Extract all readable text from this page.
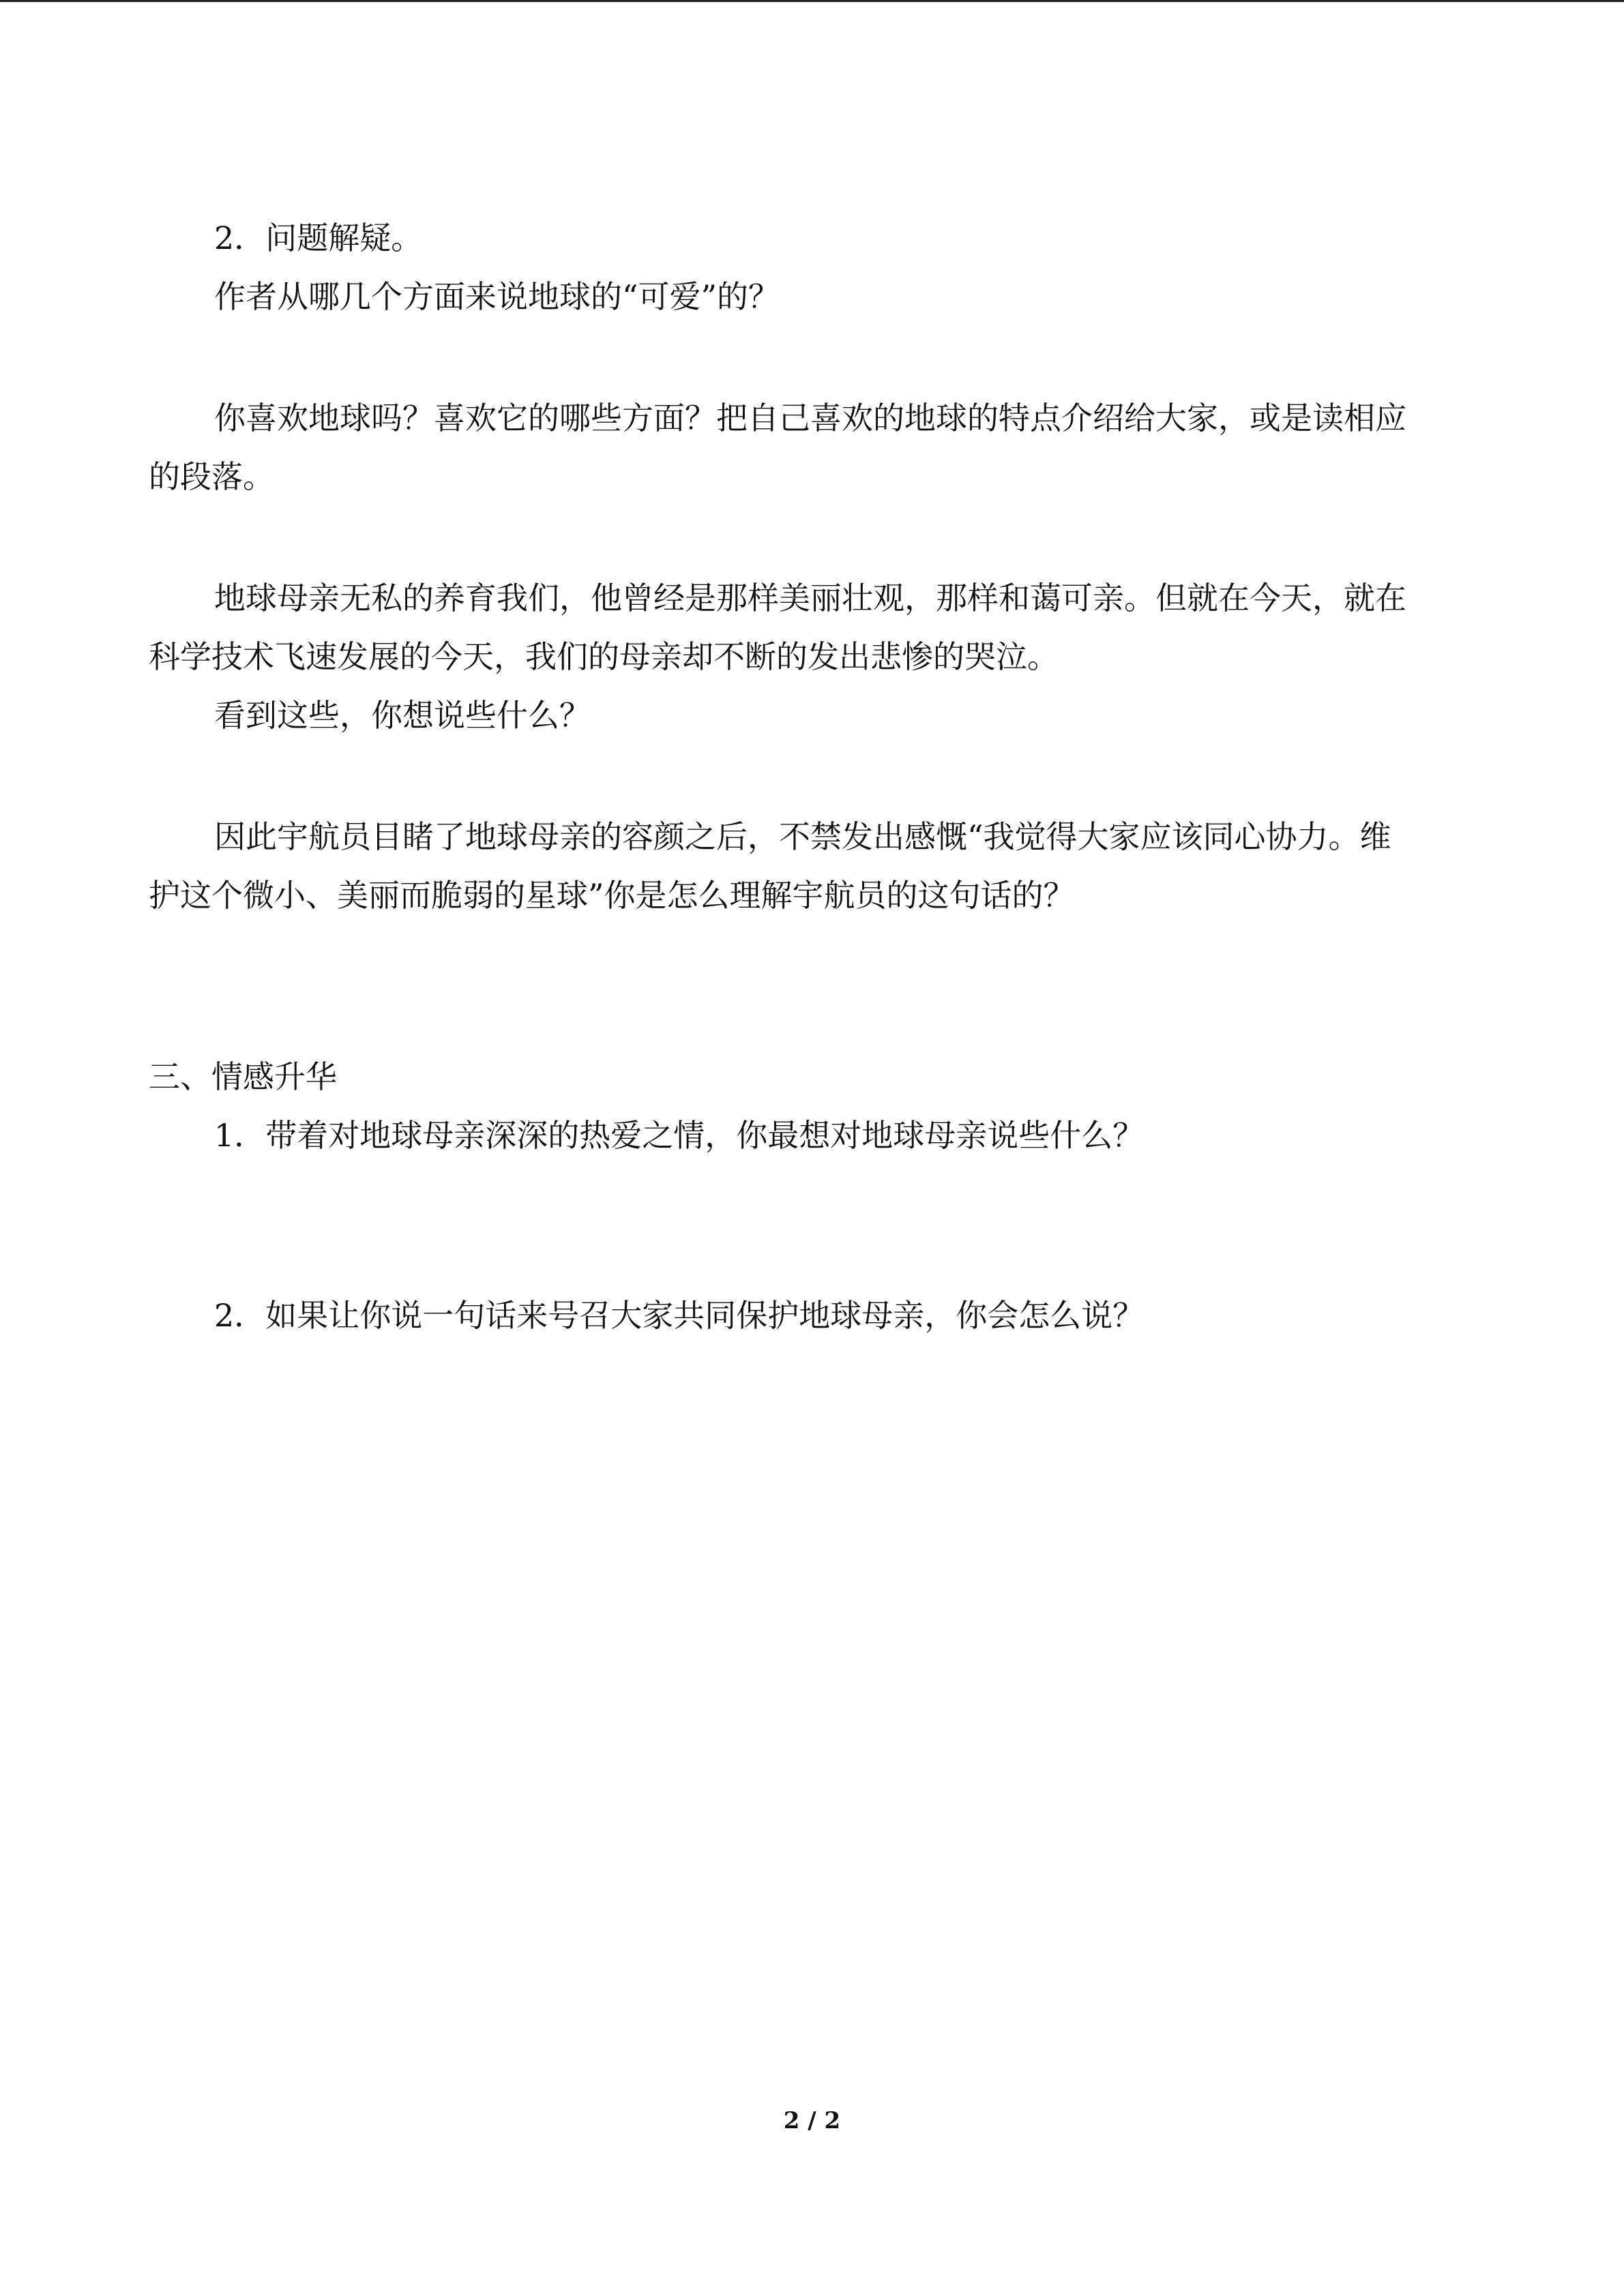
2．问题解疑。
作者从哪几个方面来说地球的“可爱”的？
你喜欢地球吗？喜欢它的哪些方面？把自己喜欢的地球的特点介绍给大家，或是读相应
的段落。
地球母亲无私的养育我们，他曾经是那样美丽壮观，那样和蔼可亲。但就在今天，就在
科学技术飞速发展的今天，我们的母亲却不断的发出悲惨的哭泣。
看到这些，你想说些什么？
因此宇航员目睹了地球母亲的容颜之后，不禁发出感慨“我觉得大家应该同心协力。维
护这个微小、美丽而脆弱的星球”你是怎么理解宇航员的这句话的？
三、情感升华
1．带着对地球母亲深深的热爱之情，你最想对地球母亲说些什么？
2．如果让你说一句话来号召大家共同保护地球母亲，你会怎么说？
2 / 2
